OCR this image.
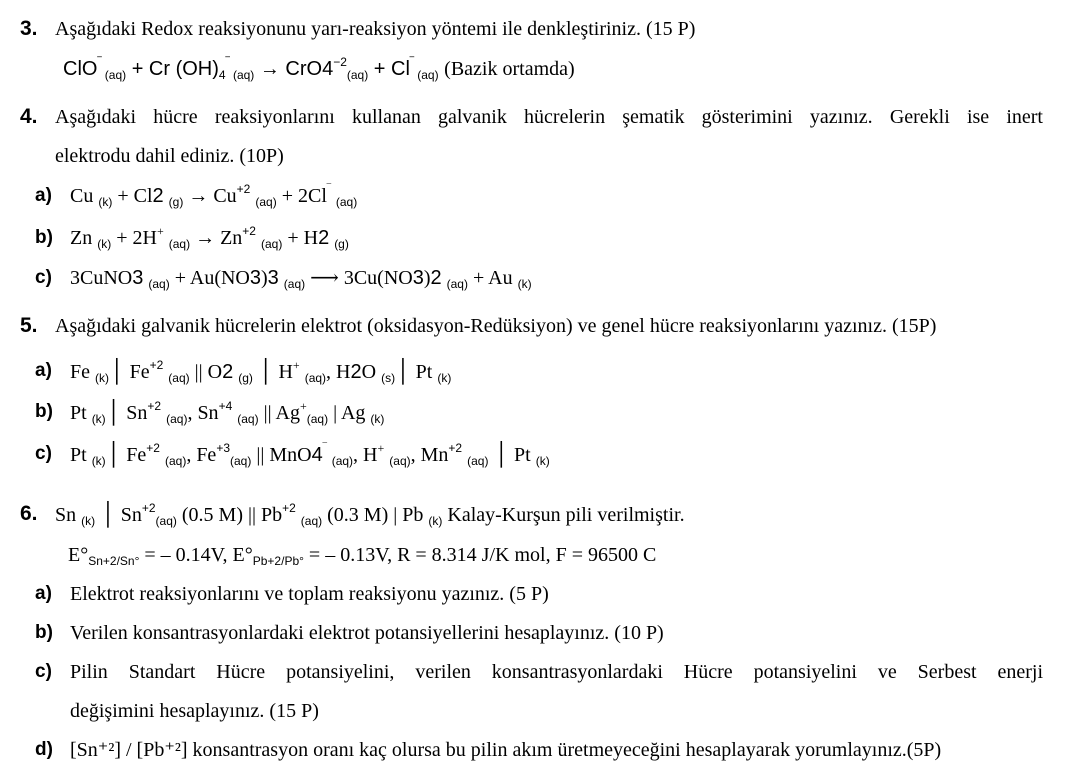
3. Aşağıdaki Redox reaksiyonunu yarı-reaksiyon yöntemi ile denkleştiriniz. (15 P)
ClO‾ $_{(aq)}$ + Cr $(OH)_4^‾$ $_{(aq)} \to CrO4^{-2}_{(aq)} + Cl^‾$ $_{(aq)}$ (Bazik ortamda)
4. Aşağıdaki hücre reaksiyonlarını kullanan galvanik hücrelerin şematik gösterimini yazınız. Gerekli ise inert
elektrodu dahil ediniz. (10P)
a) Cu $_{(k)}$ + Cl2 $_{(g)} \to Cu^{+2}$ $_{(aq)}$ + 2Cl‾ $_{(aq)}$
b) Zn $_{(k)}$ + 2H+ $_{(aq)} \to Zn^{+2}$ $_{(aq)}$ + H2 $_{(g)}$
c) 3CuNO3 $_{(aq)}$ + Au(NO3)3 $_{(aq)}$ ⟶ 3Cu(NO3)2 $_{(aq)}$ + Au $_{(k)}$
5. Aşağıdaki galvanik hücrelerin elektrot (oksidasyon-Redüksiyon) ve genel hücre reaksiyonlarını yazınız. (15P)
a) Fe $_{(k)}$│ $Fe^{+2}$ $_{(aq)}$ || O2 $_{(g)}$ │ H+ $_{(aq)}$, H2O $_{(s)}$│ Pt $_{(k)}$
b) Pt $_{(k)}$│ $Sn^{+2}$ $_{(aq)}$, $Sn^{+4}$ $_{(aq)}$ || $Ag^+_{(aq)}$ | Ag $_{(k)}$
c) Pt $_{(k)}$│ $Fe^{+2}$ $_{(aq)}$, $Fe^{+3}_{(aq)}$ || MnO4‾ $_{(aq)}$, H+ $_{(aq)}$, $Mn^{+2}$ $_{(aq)}$ │ Pt $_{(k)}$
6. Sn $_{(k)}$ │ $Sn^{+2}_{(aq)}$ (0.5 M) || $Pb^{+2}$ $_{(aq)}$ (0.3 M) | Pb $_{(k)}$ Kalay-Kurşun pili verilmiştir.
$E^\circ_{Sn+2/Sn^\circ}$ = – 0.14V, $E^\circ_{Pb+2/Pb^\circ}$ = – 0.13V, R = 8.314 J/K mol, F = 96500 C
a) Elektrot reaksiyonlarını ve toplam reaksiyonu yazınız. (5 P)
b) Verilen konsantrasyonlardaki elektrot potansiyellerini hesaplayınız. (10 P)
c) Pilin Standart Hücre potansiyelini, verilen konsantrasyonlardaki Hücre potansiyelini ve Serbest enerji
değişimini hesaplayınız. (15 P)
d) [Sn⁺²] / [Pb⁺²] konsantrasyon oranı kaç olursa bu pilin akım üretmeyeceğini hesaplayarak yorumlayınız.(5P)
